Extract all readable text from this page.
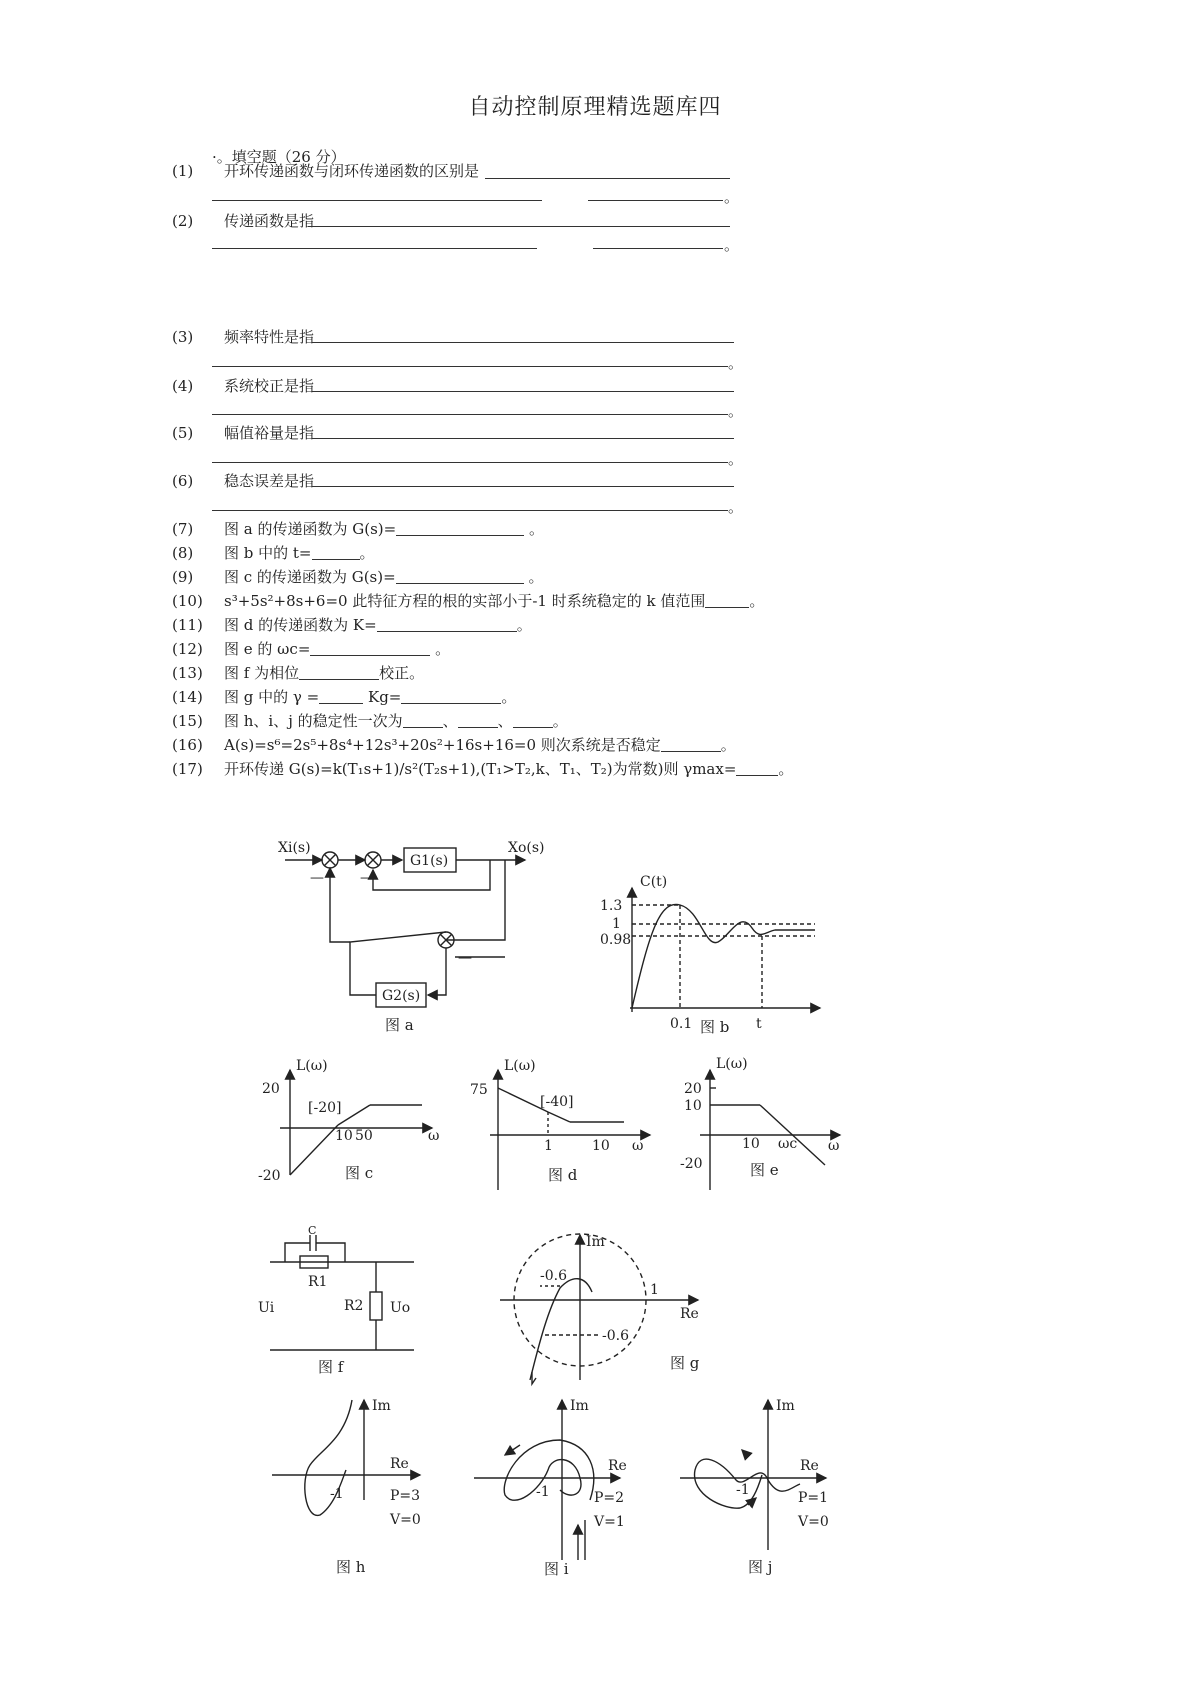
自动控制原理精选题库四
·。填空题（26 分）
(1) 开环传递函数与闭环传递函数的区别是
。
(2) 传递函数是指
。
(3) 频率特性是指
。
(4) 系统校正是指
。
(5) 幅值裕量是指
。
(6) 稳态误差是指
。
(7) 图 a 的传递函数为 G(s)=	。
(8) 图 b 中的 t=	。
(9) 图 c 的传递函数为 G(s)=	。
(10) s³+5s²+8s+6=0 此特征方程的根的实部小于-1 时系统稳定的 k 值范围	。
(11) 图 d 的传递函数为 K=	。
(12) 图 e 的 ωc=	。
(13) 图 f 为相位	校正。
(14) 图 g 中的 γ =	Kg=	。
(15) 图 h、i、j 的稳定性一次为	、	、	。
(16) A(s)=s⁶=2s⁵+8s⁴+12s³+20s²+16s+16=0 则次系统是否稳定	。
(17) 开环传递 G(s)=k(T₁s+1)/s²(T₂s+1),(T₁>T₂,k、T₁、T₂)为常数)则 γmax=	。
Xi(s)	Xo(s)
G1(s)
G2(s)
—	—
—
图 a
C(t)
1.3
1
0.98
0.1	t
图 b
L(ω)
20
-20
[-20]
10 50	ω
图 c
L(ω)
75
[-40]
1	10 ω
图 d
L(ω)
20
10
-20
10 ωc ω
图 e
C
R1
R2
Ui	Uo
图 f
Im
Re
-0.6
-0.6
1
图 g
Im
Re
-1	P=3
V=0
图 h
Im
Re
-1	P=2
V=1
图 i
Im
Re
-1	P=1
V=0
图 j
